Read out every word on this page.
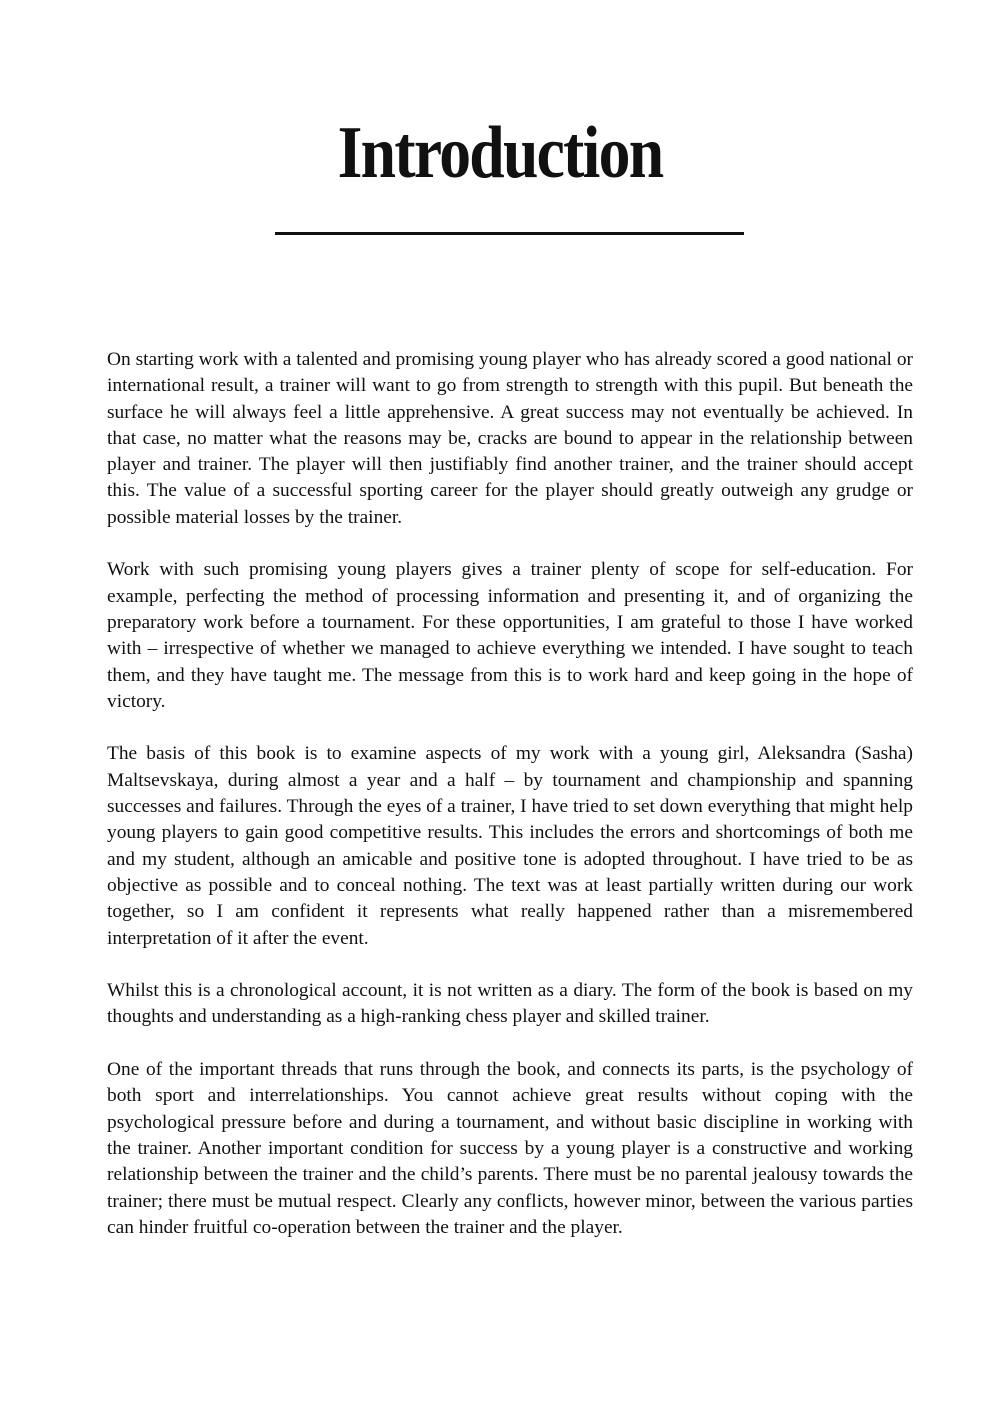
Introduction

On starting work with a talented and promising young player who has already scored a good national or international result, a trainer will want to go from strength to strength with this pupil. But beneath the surface he will always feel a little apprehensive. A great success may not eventually be achieved. In that case, no matter what the reasons may be, cracks are bound to appear in the relationship between player and trainer. The player will then justifiably find another trainer, and the trainer should accept this. The value of a successful sporting career for the player should greatly outweigh any grudge or possible material losses by the trainer.

Work with such promising young players gives a trainer plenty of scope for self-education. For example, perfecting the method of processing information and presenting it, and of organizing the preparatory work before a tournament. For these opportunities, I am grateful to those I have worked with – irrespective of whether we managed to achieve everything we intended. I have sought to teach them, and they have taught me. The message from this is to work hard and keep going in the hope of victory.

The basis of this book is to examine aspects of my work with a young girl, Aleksandra (Sasha) Maltsevskaya, during almost a year and a half – by tournament and championship and spanning successes and failures. Through the eyes of a trainer, I have tried to set down everything that might help young players to gain good competitive results. This includes the errors and shortcomings of both me and my student, although an amicable and positive tone is adopted throughout. I have tried to be as objective as possible and to conceal nothing. The text was at least partially written during our work together, so I am confident it represents what really happened rather than a misremembered interpretation of it after the event.

Whilst this is a chronological account, it is not written as a diary. The form of the book is based on my thoughts and understanding as a high-ranking chess player and skilled trainer.

One of the important threads that runs through the book, and connects its parts, is the psychology of both sport and interrelationships. You cannot achieve great results without coping with the psychological pressure before and during a tournament, and without basic discipline in working with the trainer. Another important condition for success by a young player is a constructive and working relationship between the trainer and the child’s parents. There must be no parental jealousy towards the trainer; there must be mutual respect. Clearly any conflicts, however minor, between the various parties can hinder fruitful co-operation between the trainer and the player.
